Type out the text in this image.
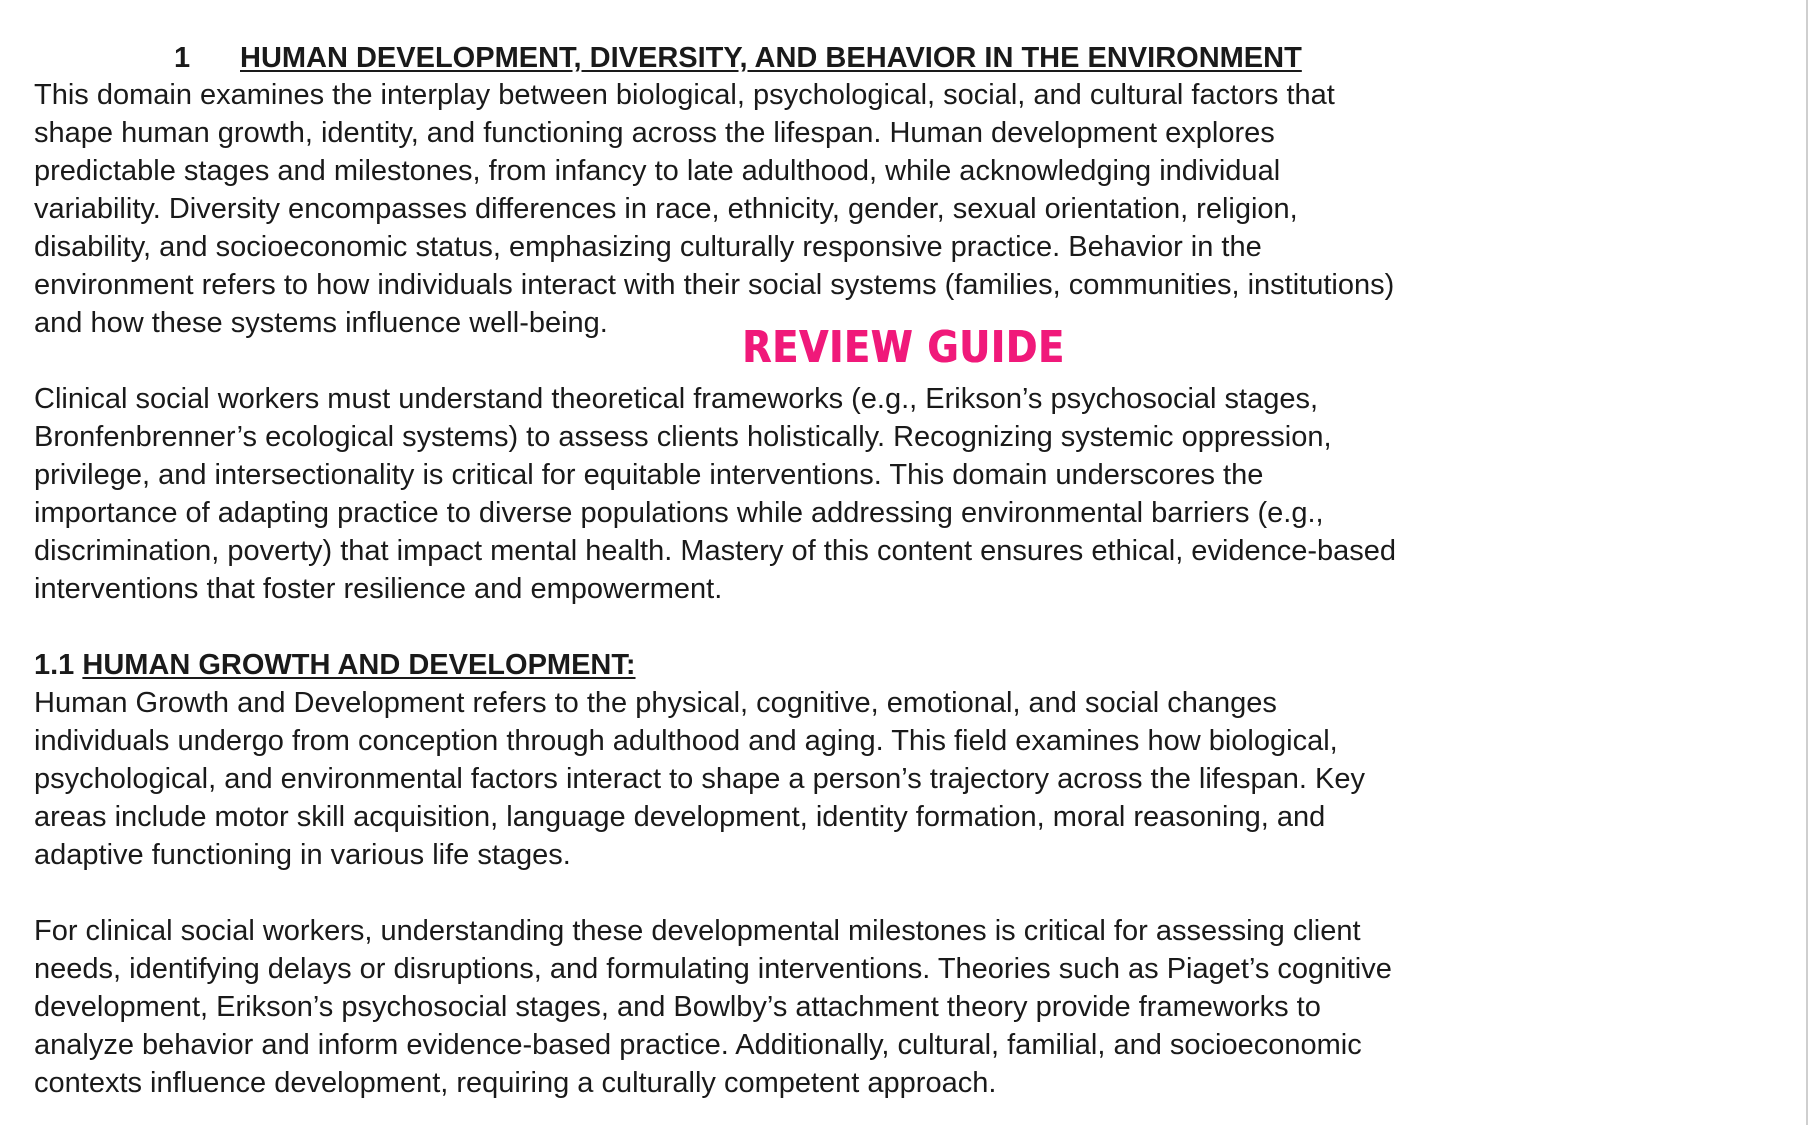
1 HUMAN DEVELOPMENT, DIVERSITY, AND BEHAVIOR IN THE ENVIRONMENT

This domain examines the interplay between biological, psychological, social, and cultural factors that

shape human growth, identity, and functioning across the lifespan. Human development explores

predictable stages and milestones, from infancy to late adulthood, while acknowledging individual

variability. Diversity encompasses differences in race, ethnicity, gender, sexual orientation, religion,

disability, and socioeconomic status, emphasizing culturally responsive practice. Behavior in the

environment refers to how individuals interact with their social systems (families, communities, institutions)

and how these systems influence well-being.

Clinical social workers must understand theoretical frameworks (e.g., Erikson’s psychosocial stages,

Bronfenbrenner’s ecological systems) to assess clients holistically. Recognizing systemic oppression,

privilege, and intersectionality is critical for equitable interventions. This domain underscores the

importance of adapting practice to diverse populations while addressing environmental barriers (e.g.,

discrimination, poverty) that impact mental health. Mastery of this content ensures ethical, evidence-based

interventions that foster resilience and empowerment.

1.1 HUMAN GROWTH AND DEVELOPMENT:

Human Growth and Development refers to the physical, cognitive, emotional, and social changes

individuals undergo from conception through adulthood and aging. This field examines how biological,

psychological, and environmental factors interact to shape a person’s trajectory across the lifespan. Key

areas include motor skill acquisition, language development, identity formation, moral reasoning, and

adaptive functioning in various life stages.

For clinical social workers, understanding these developmental milestones is critical for assessing client

needs, identifying delays or disruptions, and formulating interventions. Theories such as Piaget’s cognitive

development, Erikson’s psychosocial stages, and Bowlby’s attachment theory provide frameworks to

analyze behavior and inform evidence-based practice. Additionally, cultural, familial, and socioeconomic

contexts influence development, requiring a culturally competent approach.

REVIEW GUIDE
